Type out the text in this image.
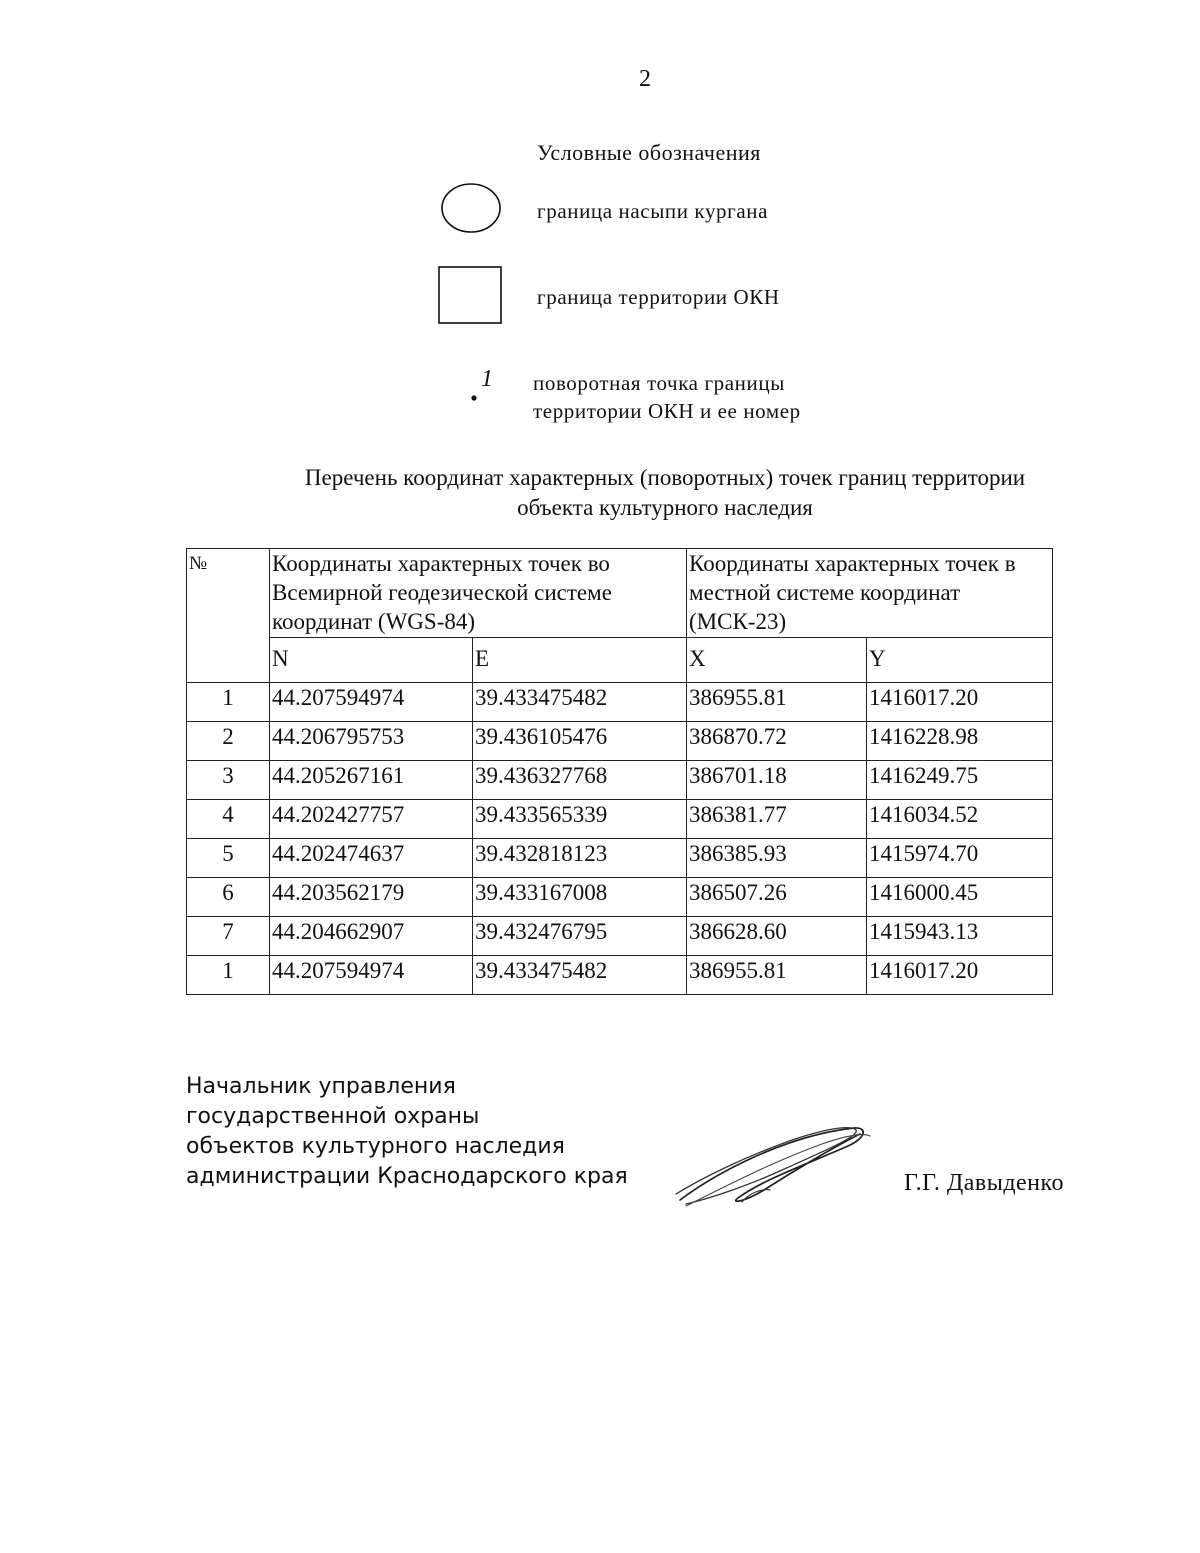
2
Условные обозначения
граница насыпи кургана
граница территории ОКН
1 поворотная точка границы
территории ОКН и ее номер
Перечень координат характерных (поворотных) точек границ территории
объекта культурного наследия
№	Координаты характерных точек во Всемирной геодезической системе координат (WGS-84)		Координаты характерных точек в местной системе координат (МСК-23)	
	N	E	X	Y
1	44.207594974	39.433475482	386955.81	1416017.20
2	44.206795753	39.436105476	386870.72	1416228.98
3	44.205267161	39.436327768	386701.18	1416249.75
4	44.202427757	39.433565339	386381.77	1416034.52
5	44.202474637	39.432818123	386385.93	1415974.70
6	44.203562179	39.433167008	386507.26	1416000.45
7	44.204662907	39.432476795	386628.60	1415943.13
1	44.207594974	39.433475482	386955.81	1416017.20
Начальник управления
государственной охраны
объектов культурного наследия
администрации Краснодарского края	Г.Г. Давыденко
